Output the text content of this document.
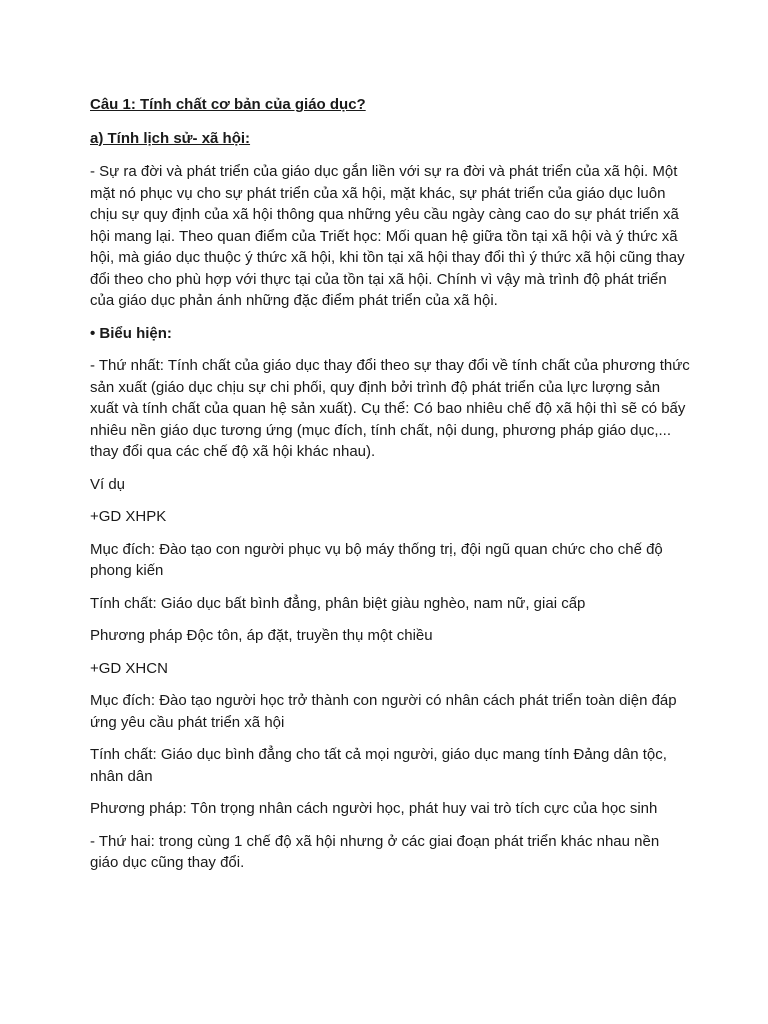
Câu 1: Tính chất cơ bản của giáo dục?

a) Tính lịch sử- xã hội:

- Sự ra đời và phát triển của giáo dục gắn liền với sự ra đời và phát triển của xã hội. Một mặt nó phục vụ cho sự phát triển của xã hội, mặt khác, sự phát triển của giáo dục luôn chịu sự quy định của xã hội thông qua những yêu cầu ngày càng cao do sự phát triển xã hội mang lại. Theo quan điểm của Triết học: Mối quan hệ giữa tồn tại xã hội và ý thức xã hội, mà giáo dục thuộc ý thức xã hội, khi tồn tại xã hội thay đổi thì ý thức xã hội cũng thay đổi theo cho phù hợp với thực tại của tồn tại xã hội. Chính vì vậy mà trình độ phát triển của giáo dục phản ánh những đặc điểm phát triển của xã hội.

• Biểu hiện:

- Thứ nhất: Tính chất của giáo dục thay đổi theo sự thay đổi về tính chất của phương thức sản xuất (giáo dục chịu sự chi phối, quy định bởi trình độ phát triển của lực lượng sản xuất và tính chất của quan hệ sản xuất). Cụ thể: Có bao nhiêu chế độ xã hội thì sẽ có bấy nhiêu nền giáo dục tương ứng (mục đích, tính chất, nội dung, phương pháp giáo dục,... thay đổi qua các chế độ xã hội khác nhau).

Ví dụ

+GD XHPK

Mục đích: Đào tạo con người phục vụ bộ máy thống trị, đội ngũ quan chức cho chế độ phong kiến

Tính chất: Giáo dục bất bình đẳng, phân biệt giàu nghèo, nam nữ, giai cấp

Phương pháp Độc tôn, áp đặt, truyền thụ một chiều

+GD XHCN

Mục đích: Đào tạo người học trở thành con người có nhân cách phát triển toàn diện đáp ứng yêu cầu phát triển xã hội

Tính chất: Giáo dục bình đẳng cho tất cả mọi người, giáo dục mang tính Đảng dân tộc, nhân dân

Phương pháp: Tôn trọng nhân cách người học, phát huy vai trò tích cực của học sinh

- Thứ hai: trong cùng 1 chế độ xã hội nhưng ở các giai đoạn phát triển khác nhau nền giáo dục cũng thay đổi.
